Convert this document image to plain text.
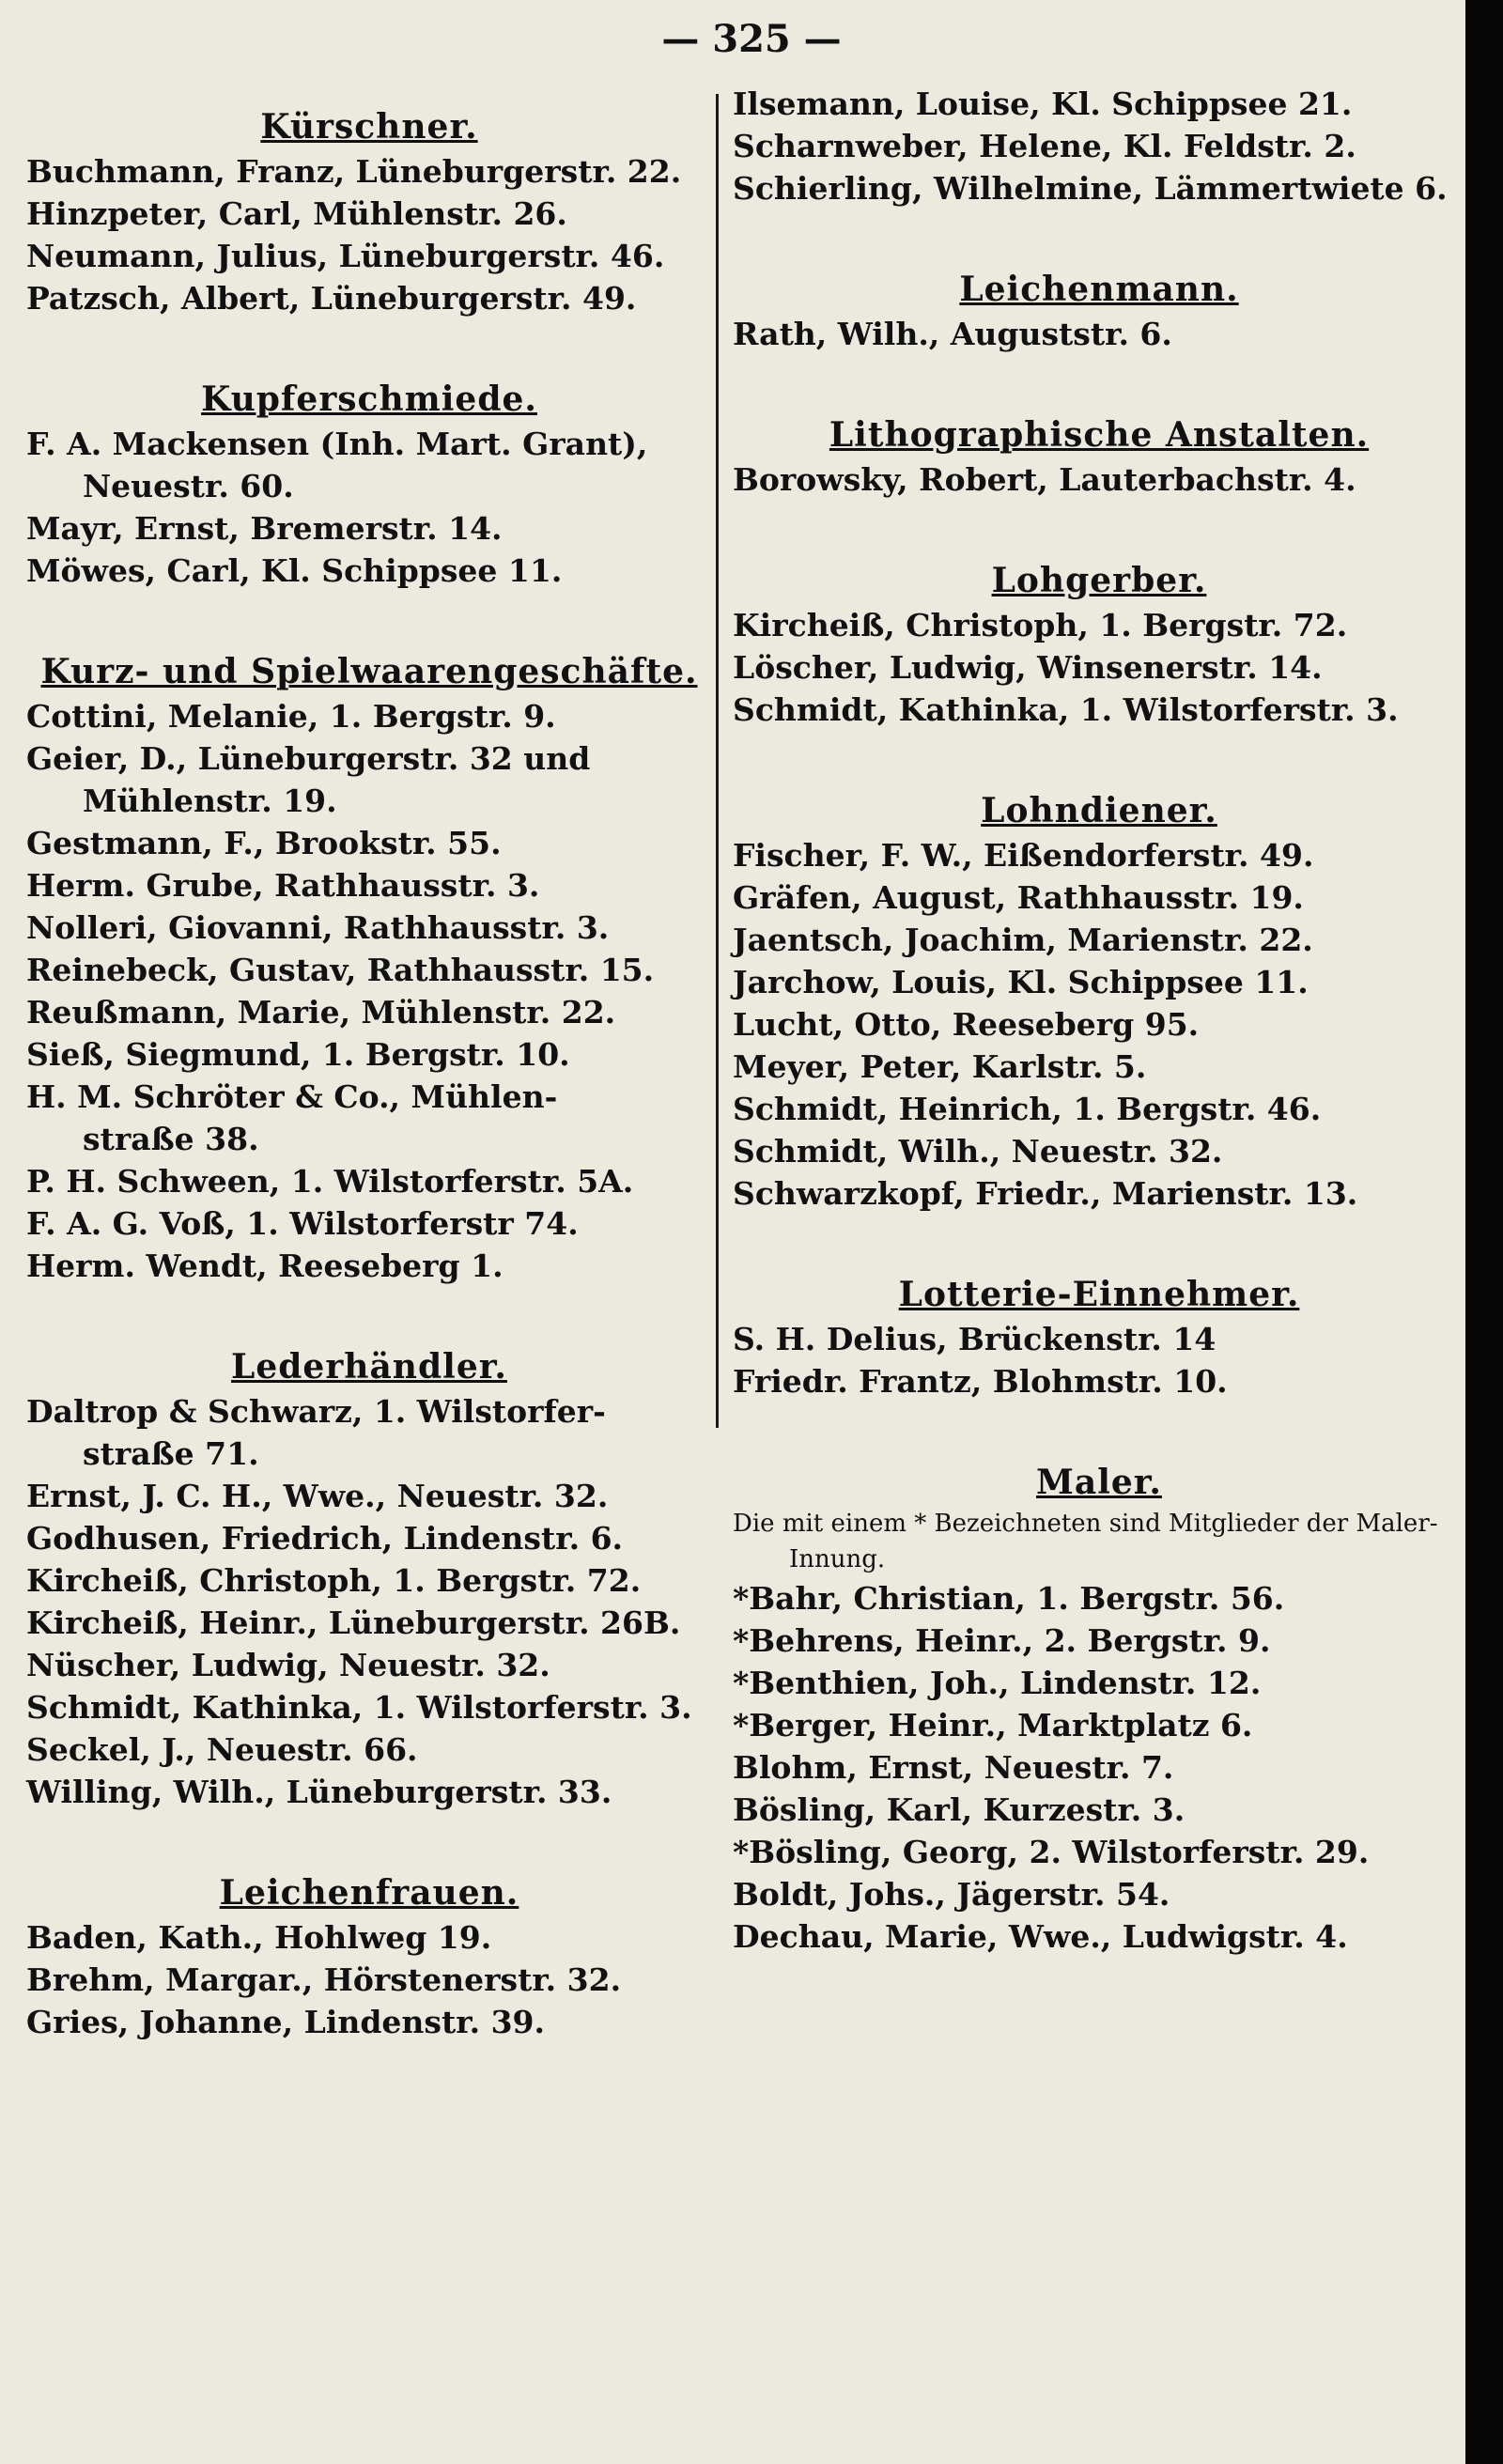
— 325 —
Kürschner.
Buchmann, Franz, Lüneburgerstr. 22.
Hinzpeter, Carl, Mühlenstr. 26.
Neumann, Julius, Lüneburgerstr. 46.
Patzsch, Albert, Lüneburgerstr. 49.
Kupferschmiede.
F. A. Mackensen (Inh. Mart. Grant),
Neuestr. 60.
Mayr, Ernst, Bremerstr. 14.
Möwes, Carl, Kl. Schippsee 11.
Kurz- und Spielwaarengeschäfte.
Cottini, Melanie, 1. Bergstr. 9.
Geier, D., Lüneburgerstr. 32 und
Mühlenstr. 19.
Gestmann, F., Brookstr. 55.
Herm. Grube, Rathhausstr. 3.
Nolleri, Giovanni, Rathhausstr. 3.
Reinebeck, Gustav, Rathhausstr. 15.
Reußmann, Marie, Mühlenstr. 22.
Sieß, Siegmund, 1. Bergstr. 10.
H. M. Schröter & Co., Mühlen-
straße 38.
P. H. Schween, 1. Wilstorferstr. 5A.
F. A. G. Voß, 1. Wilstorferstr 74.
Herm. Wendt, Reeseberg 1.
Lederhändler.
Daltrop & Schwarz, 1. Wilstorfer-
straße 71.
Ernst, J. C. H., Wwe., Neuestr. 32.
Godhusen, Friedrich, Lindenstr. 6.
Kircheiß, Christoph, 1. Bergstr. 72.
Kircheiß, Heinr., Lüneburgerstr. 26B.
Nüscher, Ludwig, Neuestr. 32.
Schmidt, Kathinka, 1. Wilstorferstr. 3.
Seckel, J., Neuestr. 66.
Willing, Wilh., Lüneburgerstr. 33.
Leichenfrauen.
Baden, Kath., Hohlweg 19.
Brehm, Margar., Hörstenerstr. 32.
Gries, Johanne, Lindenstr. 39.
Ilsemann, Louise, Kl. Schippsee 21.
Scharnweber, Helene, Kl. Feldstr. 2.
Schierling, Wilhelmine, Lämmertwiete 6.
Leichenmann.
Rath, Wilh., Auguststr. 6.
Lithographische Anstalten.
Borowsky, Robert, Lauterbachstr. 4.
Lohgerber.
Kircheiß, Christoph, 1. Bergstr. 72.
Löscher, Ludwig, Winsenerstr. 14.
Schmidt, Kathinka, 1. Wilstorferstr. 3.
Lohndiener.
Fischer, F. W., Eißendorferstr. 49.
Gräfen, August, Rathhausstr. 19.
Jaentsch, Joachim, Marienstr. 22.
Jarchow, Louis, Kl. Schippsee 11.
Lucht, Otto, Reeseberg 95.
Meyer, Peter, Karlstr. 5.
Schmidt, Heinrich, 1. Bergstr. 46.
Schmidt, Wilh., Neuestr. 32.
Schwarzkopf, Friedr., Marienstr. 13.
Lotterie-Einnehmer.
S. H. Delius, Brückenstr. 14
Friedr. Frantz, Blohmstr. 10.
Maler.
Die mit einem * Bezeichneten sind Mitglieder der Maler-Innung.
*Bahr, Christian, 1. Bergstr. 56.
*Behrens, Heinr., 2. Bergstr. 9.
*Benthien, Joh., Lindenstr. 12.
*Berger, Heinr., Marktplatz 6.
Blohm, Ernst, Neuestr. 7.
Bösling, Karl, Kurzestr. 3.
*Bösling, Georg, 2. Wilstorferstr. 29.
Boldt, Johs., Jägerstr. 54.
Dechau, Marie, Wwe., Ludwigstr. 4.
